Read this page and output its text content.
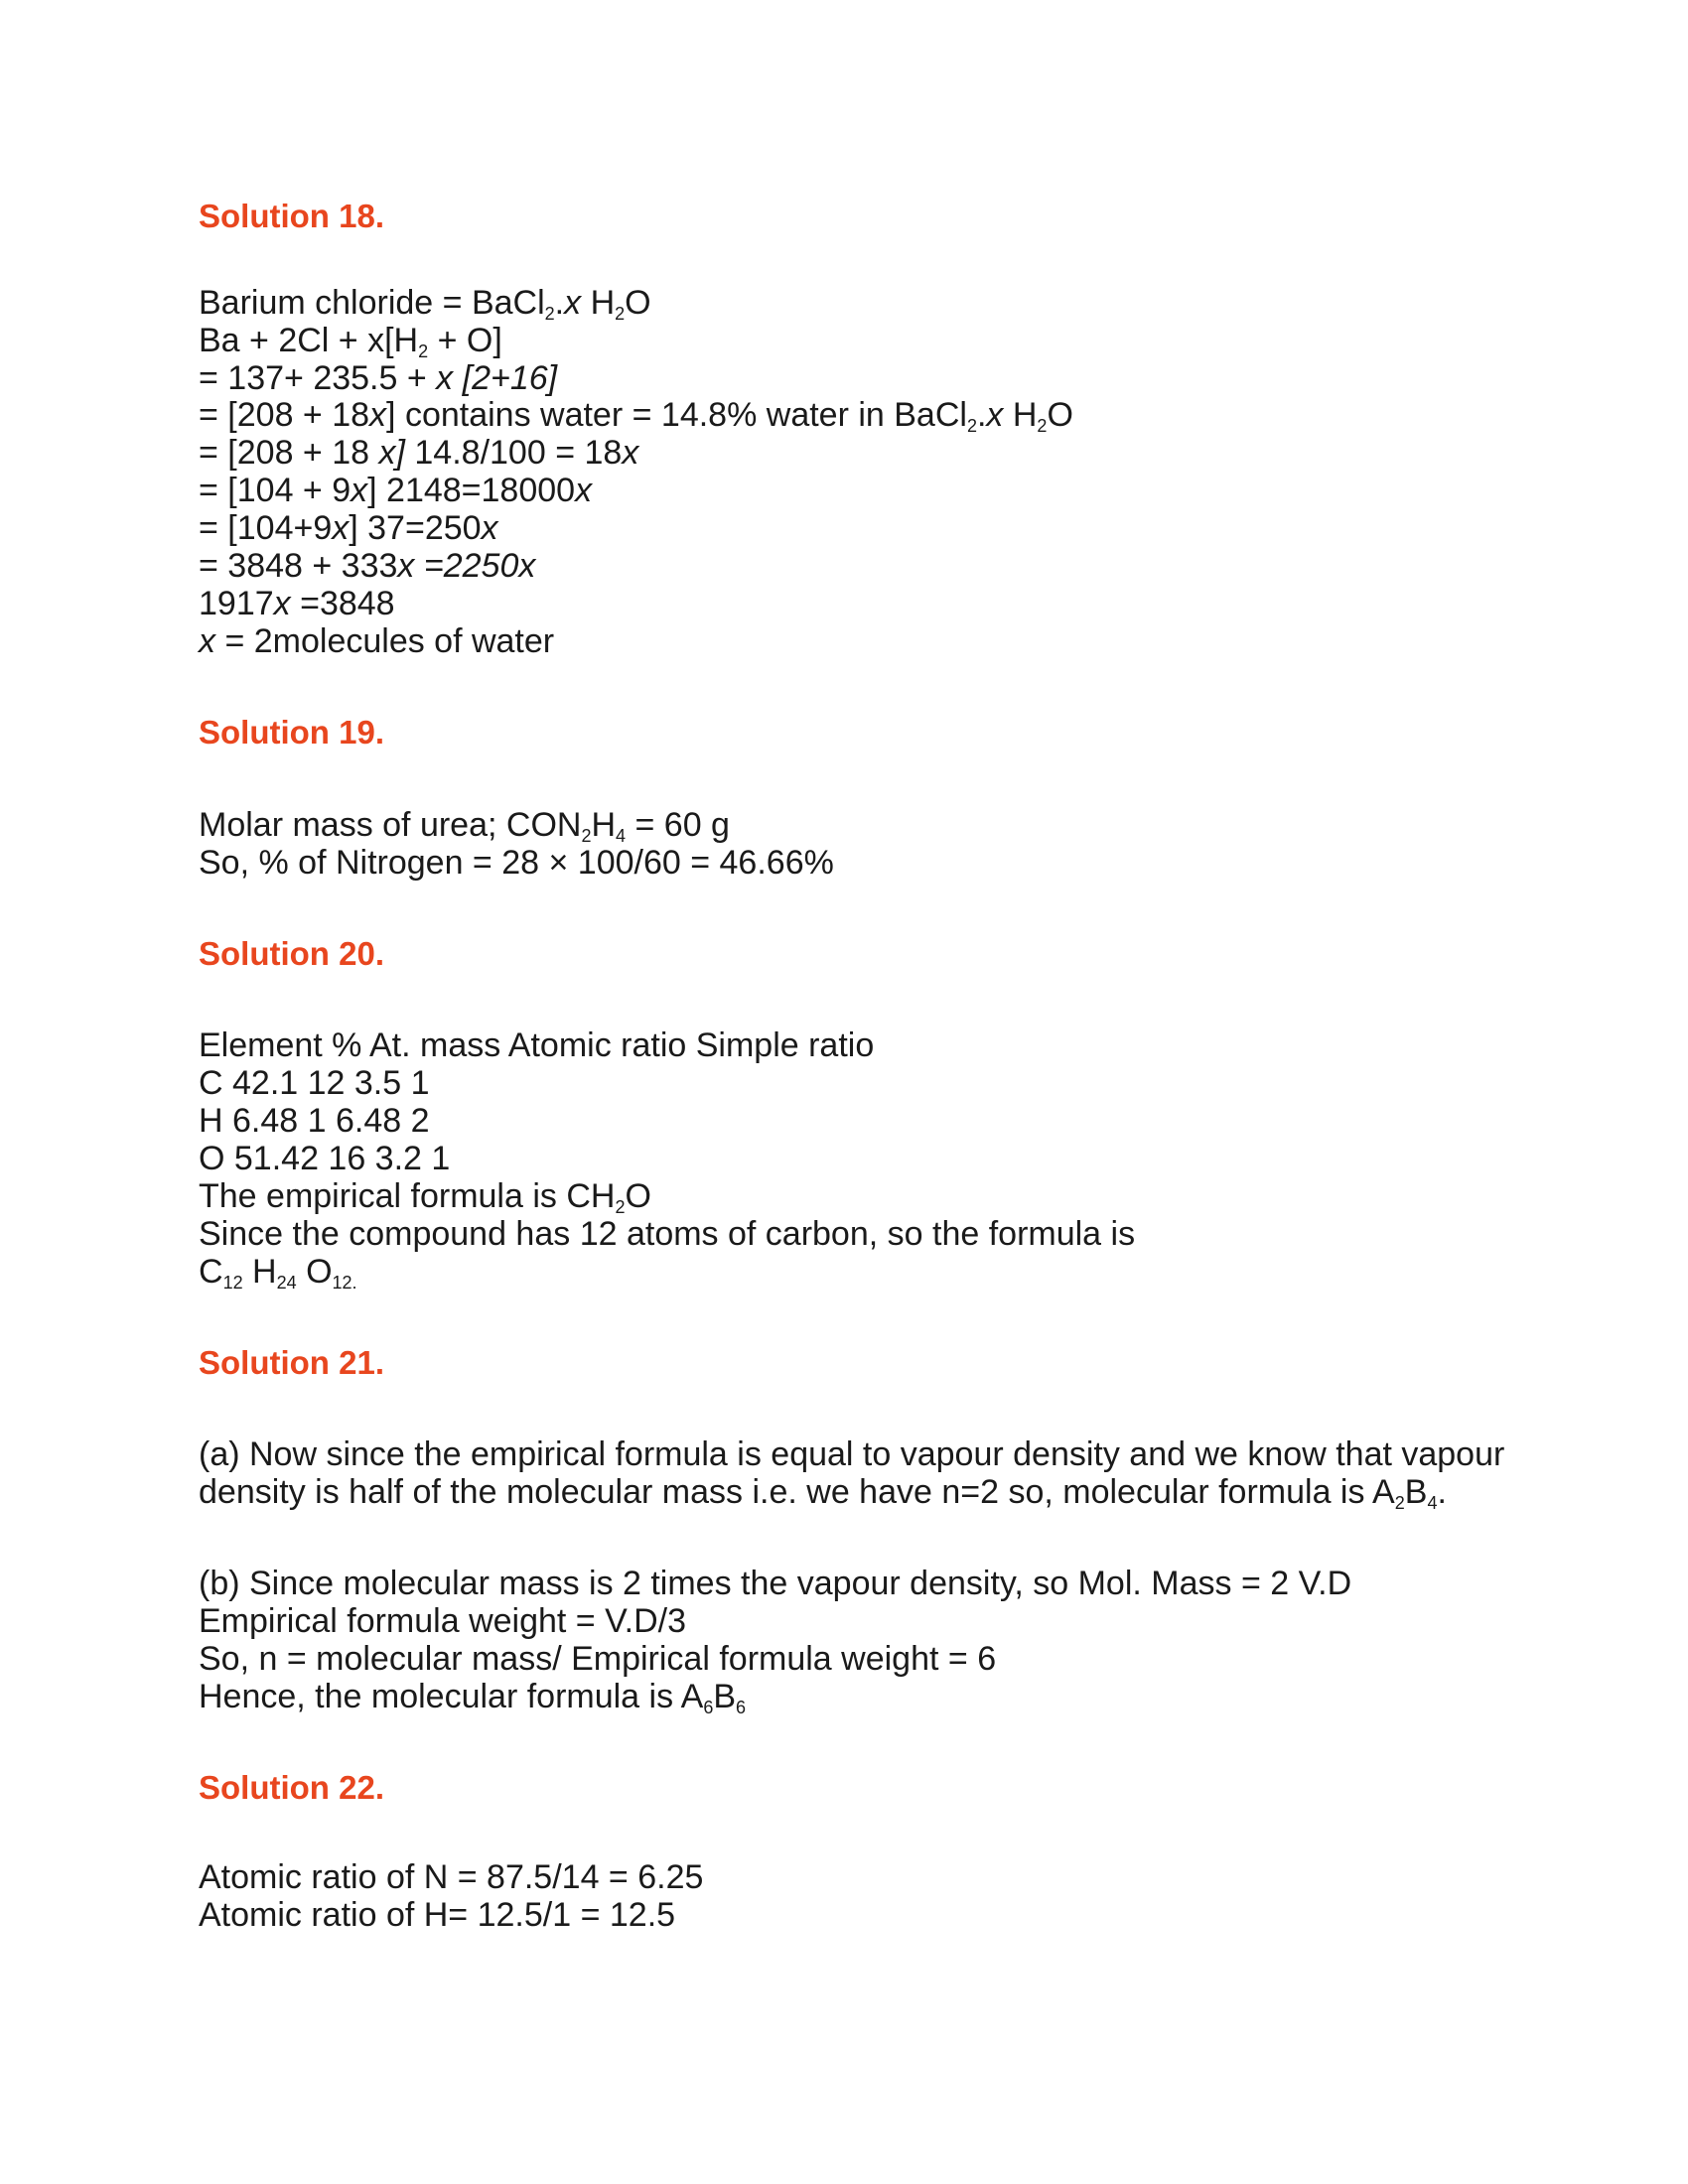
Solution 18.

Barium chloride = BaCl$_2$.x $H_2O$

$Ba + 2Cl + x[H_2 + O]$

= 137+ 235.5 + x [2+16]

= [208 + 18x] contains water = 14.8% water in BaCl$_2$.x $H_2O$

= [208 + 18 x] 14.8/100 = 18x

= [104 + 9x] 2148=18000x

= [104+9x] 37=250x

= 3848 + 333x =2250x

1917x =3848

x = 2molecules of water

Solution 19.

Molar mass of urea; $CON_2H_4 = 60$ g

So, % of Nitrogen = 28 × 100/60 = 46.66%

Solution 20.

Element % At. mass Atomic ratio Simple ratio

C 42.1 12 3.5 1

H 6.48 1 6.48 2

O 51.42 16 3.2 1

The empirical formula is $CH_2O$

Since the compound has 12 atoms of carbon, so the formula is

$C_{12}$ $H_{24}$ $O_{12.}$

Solution 21.

(a) Now since the empirical formula is equal to vapour density and we know that vapour

density is half of the molecular mass i.e. we have n=2 so, molecular formula is $A_2B_4$.

(b) Since molecular mass is 2 times the vapour density, so Mol. Mass = 2 V.D

Empirical formula weight = V.D/3

So, n = molecular mass/ Empirical formula weight = 6

Hence, the molecular formula is $A_6B_6$

Solution 22.

Atomic ratio of N = 87.5/14 = 6.25

Atomic ratio of H= 12.5/1 = 12.5
